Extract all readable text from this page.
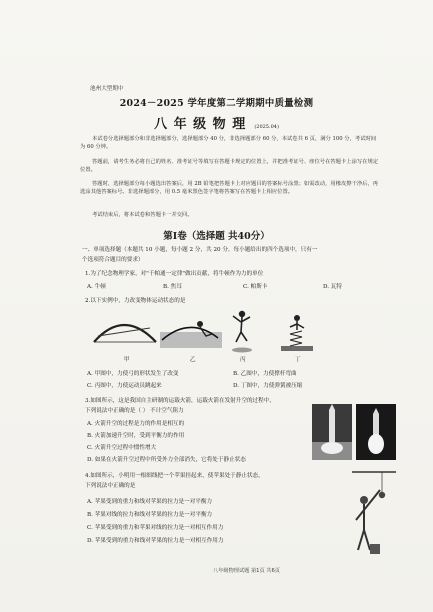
池州大型期中
2024－2025 学年度第二学期期中质量检测
八 年 级 物 理 (2025.04)
本试卷分选择题部分和非选择题部分，选择题部分 40 分，非选择题部分 60 分，本试卷共 6 页，满分 100 分，考试时间为 60 分钟。
答题前，请考生务必将自己的姓名、准考证号等填写在答题卡规定的位置上，并把准考证号、座位号在答题卡上涂写在规定位置。
答题时，选择题部分每小题选出答案后，用 2B 铅笔把答题卡上对应题目的答案标号涂黑；如需改动，用橡皮擦干净后，再选涂其他答案标号。非选择题部分，用 0.5 毫米黑色签字笔将答案写在答题卡上相应位置。
考试结束后，将本试卷和答题卡一并交回。
第Ⅰ卷（选择题 共40分）
一、单项选择题（本题共 10 小题，每小题 2 分，共 20 分。每小题给出的四个选项中，只有一
个选项符合题目的要求）
1.为了纪念物理学家，对"千帕通一定律"做出贡献，将牛顿作为力的单位
A. 牛顿	B. 焦耳	C. 帕斯卡	D. 瓦特
2.以下实例中，力改变物体运动状态的是
甲	乙	丙	丁
A. 甲图中，力使弓的形状发生了改变	B. 乙图中，力使撑杆弯曲
C. 丙图中，力使运动员跳起来	D. 丁图中，力使弹簧被压缩
3.如图所示，这是我国自主研制的运载火箭，运载火箭在发射升空的过程中，
下列说法中正确的是（ ） 不计空气阻力
A. 火箭升空的过程是力的作用是相互的
B. 火箭加速升空时，受到平衡力的作用
C. 火箭升空过程中惯性增大
D. 如果在火箭升空过程中所受外力全部消失，它将处于静止状态
4.如图所示，小明用一根细线把一个苹果挂起来，使苹果处于静止状态，
下列说法中正确的是
A. 苹果受到的重力和线对苹果的拉力是一对平衡力
B. 苹果对线的拉力和线对苹果的拉力是一对平衡力
C. 苹果受到的重力和苹果对线的拉力是一对相互作用力
D. 苹果受到的重力和线对苹果的拉力是一对相互作用力
八年级物理试题 第1页 共6页
